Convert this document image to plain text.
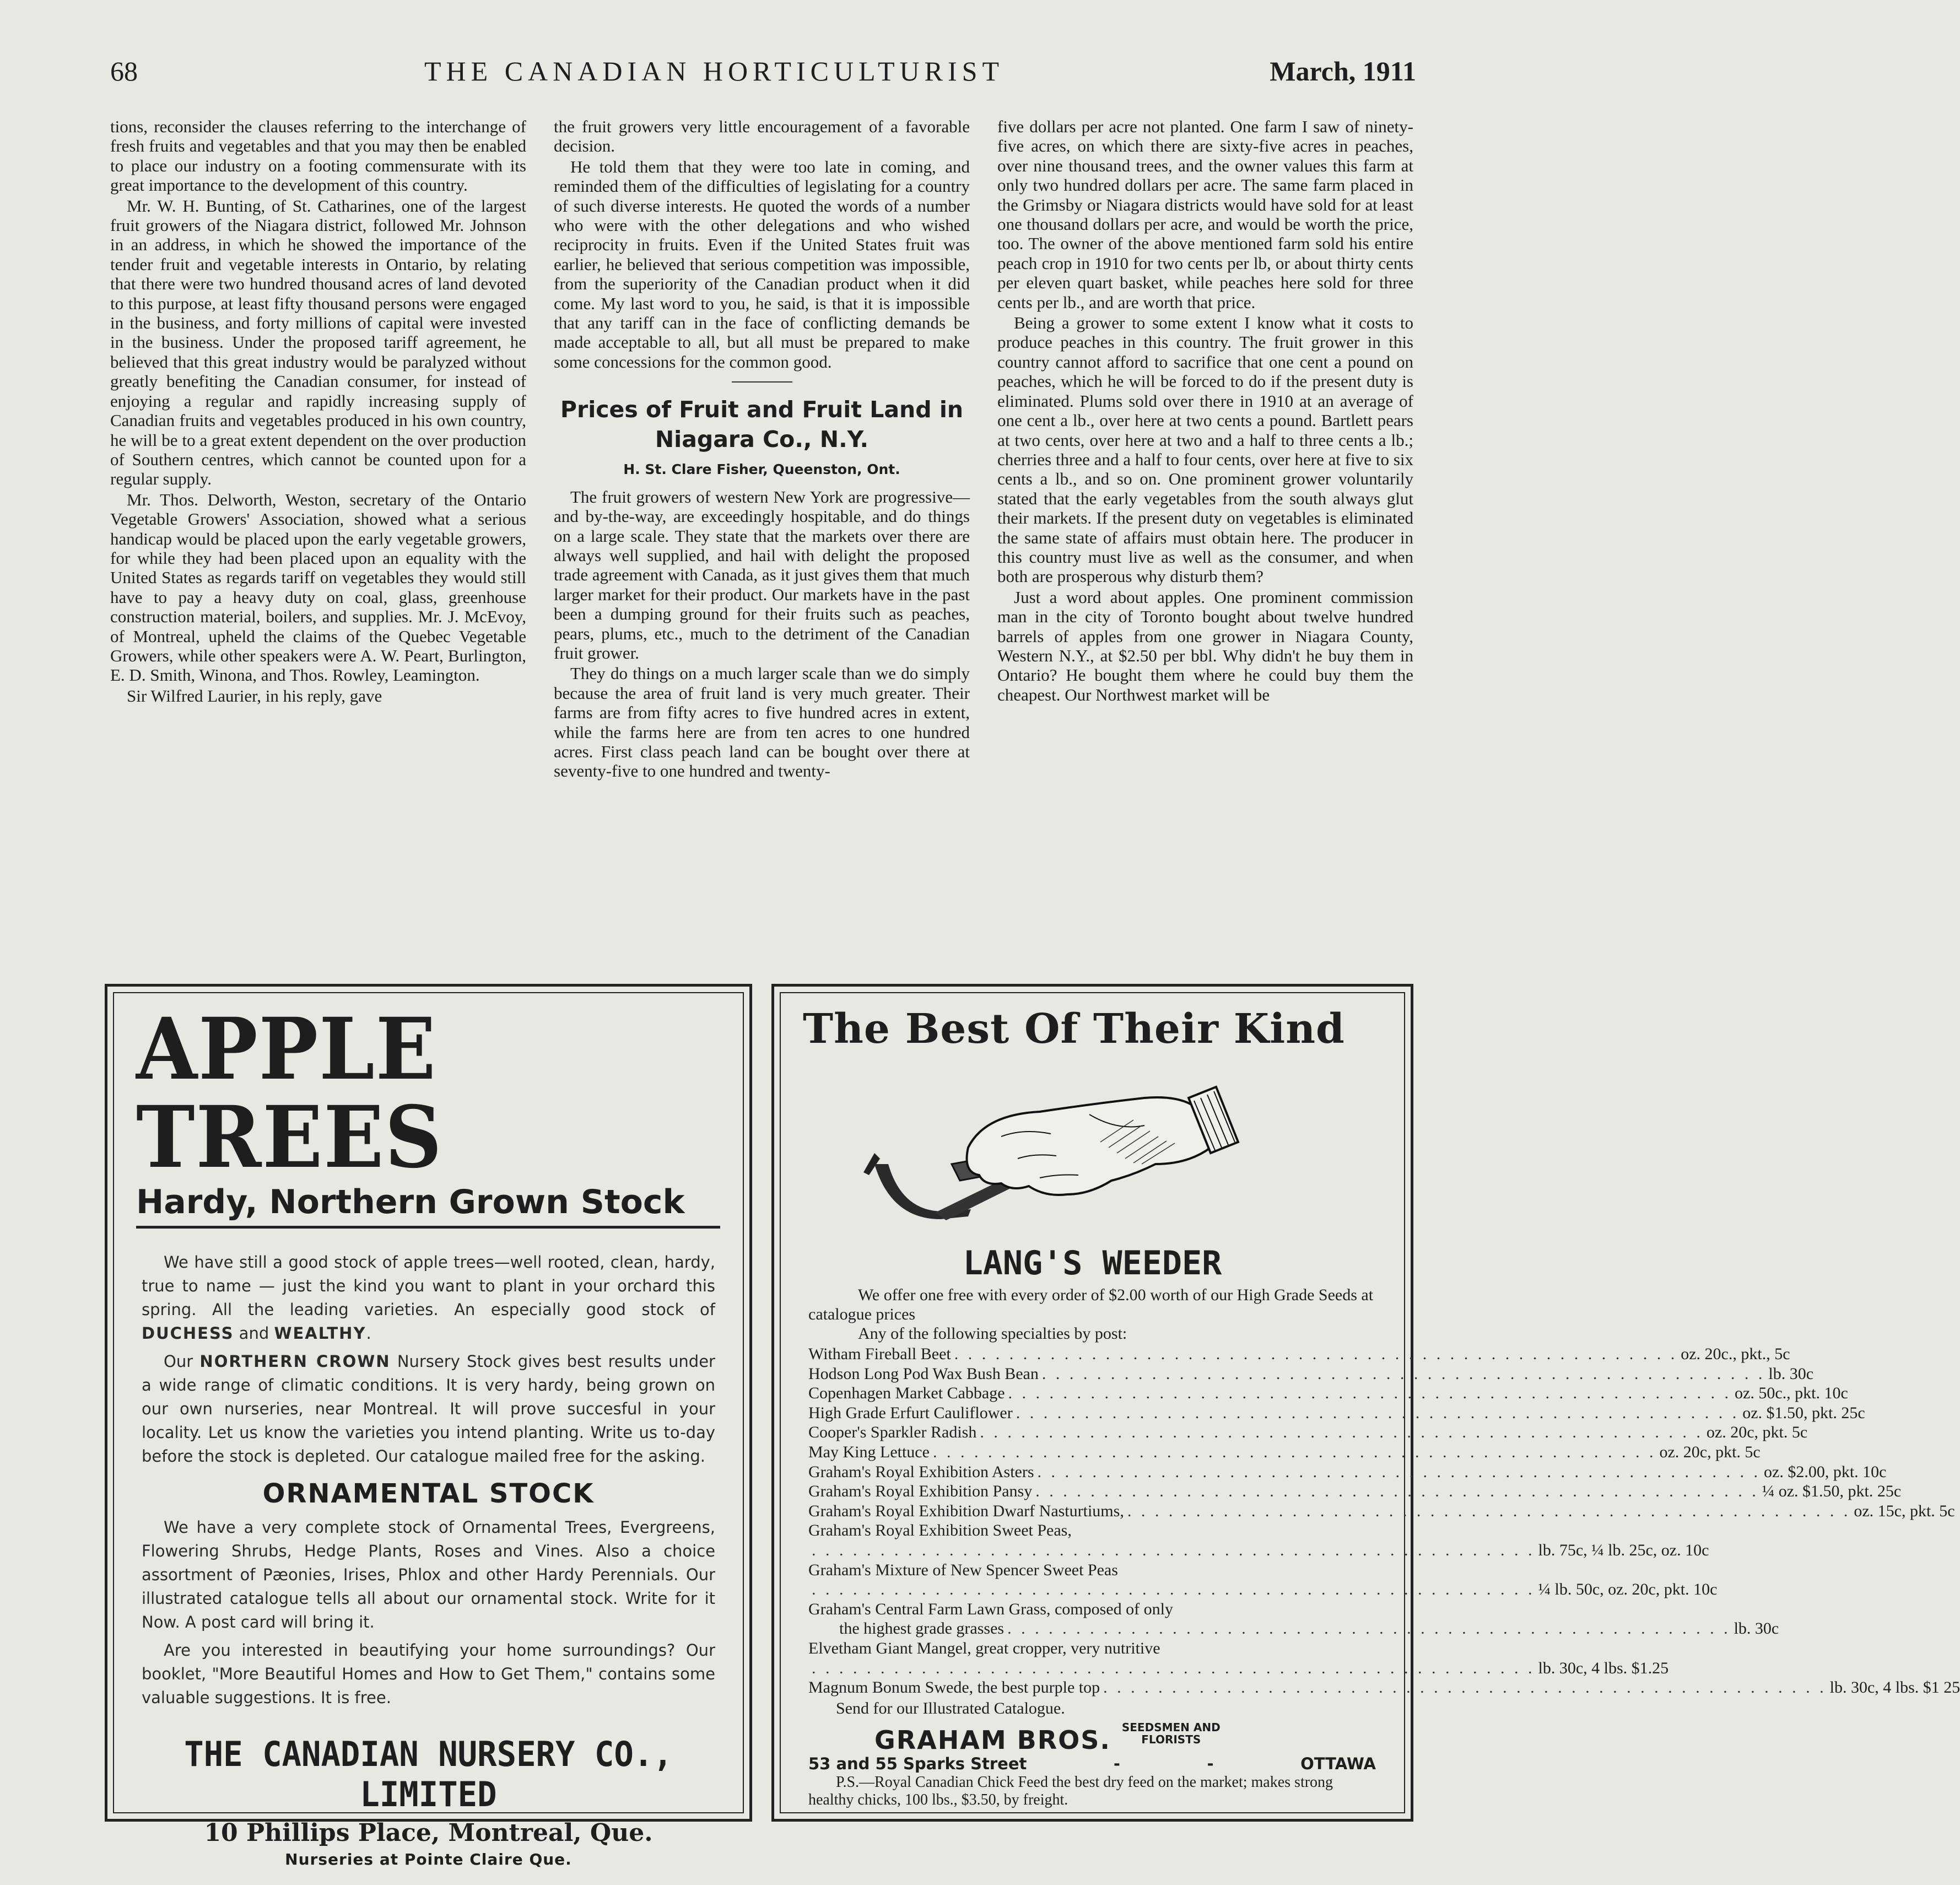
68	THE CANADIAN HORTICULTURIST	March, 1911

tions, reconsider the clauses referring to the interchange of fresh fruits and vegetables and that you may then be enabled to place our industry on a footing commensurate with its great importance to the development of this country.

Mr. W. H. Bunting, of St. Catharines, one of the largest fruit growers of the Niagara district, followed Mr. Johnson in an address, in which he showed the importance of the tender fruit and vegetable interests in Ontario, by relating that there were two hundred thousand acres of land devoted to this purpose, at least fifty thousand persons were engaged in the business, and forty millions of capital were invested in the business. Under the proposed tariff agreement, he believed that this great industry would be paralyzed without greatly benefiting the Canadian consumer, for instead of enjoying a regular and rapidly increasing supply of Canadian fruits and vegetables produced in his own country, he will be to a great extent dependent on the over production of Southern centres, which cannot be counted upon for a regular supply.

Mr. Thos. Delworth, Weston, secretary of the Ontario Vegetable Growers' Association, showed what a serious handicap would be placed upon the early vegetable growers, for while they had been placed upon an equality with the United States as regards tariff on vegetables they would still have to pay a heavy duty on coal, glass, greenhouse construction material, boilers, and supplies. Mr. J. McEvoy, of Montreal, upheld the claims of the Quebec Vegetable Growers, while other speakers were A. W. Peart, Burlington, E. D. Smith, Winona, and Thos. Rowley, Leamington.

Sir Wilfred Laurier, in his reply, gave

the fruit growers very little encouragement of a favorable decision.

He told them that they were too late in coming, and reminded them of the difficulties of legislating for a country of such diverse interests. He quoted the words of a number who were with the other delegations and who wished reciprocity in fruits. Even if the United States fruit was earlier, he believed that serious competition was impossible, from the superiority of the Canadian product when it did come. My last word to you, he said, is that it is impossible that any tariff can in the face of conflicting demands be made acceptable to all, but all must be prepared to make some concessions for the common good.

Prices of Fruit and Fruit Land in Niagara Co., N.Y.
H. St. Clare Fisher, Queenston, Ont.

The fruit growers of western New York are progressive—and by-the-way, are exceedingly hospitable, and do things on a large scale. They state that the markets over there are always well supplied, and hail with delight the proposed trade agreement with Canada, as it just gives them that much larger market for their product. Our markets have in the past been a dumping ground for their fruits such as peaches, pears, plums, etc., much to the detriment of the Canadian fruit grower.

They do things on a much larger scale than we do simply because the area of fruit land is very much greater. Their farms are from fifty acres to five hundred acres in extent, while the farms here are from ten acres to one hundred acres. First class peach land can be bought over there at seventy-five to one hundred and twenty-

five dollars per acre not planted. One farm I saw of ninety-five acres, on which there are sixty-five acres in peaches, over nine thousand trees, and the owner values this farm at only two hundred dollars per acre. The same farm placed in the Grimsby or Niagara districts would have sold for at least one thousand dollars per acre, and would be worth the price, too. The owner of the above mentioned farm sold his entire peach crop in 1910 for two cents per lb, or about thirty cents per eleven quart basket, while peaches here sold for three cents per lb., and are worth that price.

Being a grower to some extent I know what it costs to produce peaches in this country. The fruit grower in this country cannot afford to sacrifice that one cent a pound on peaches, which he will be forced to do if the present duty is eliminated. Plums sold over there in 1910 at an average of one cent a lb., over here at two cents a pound. Bartlett pears at two cents, over here at two and a half to three cents a lb.; cherries three and a half to four cents, over here at five to six cents a lb., and so on. One prominent grower voluntarily stated that the early vegetables from the south always glut their markets. If the present duty on vegetables is eliminated the same state of affairs must obtain here. The producer in this country must live as well as the consumer, and when both are prosperous why disturb them?

Just a word about apples. One prominent commission man in the city of Toronto bought about twelve hundred barrels of apples from one grower in Niagara County, Western N.Y., at $2.50 per bbl. Why didn't he buy them in Ontario? He bought them where he could buy them the cheapest. Our Northwest market will be

APPLE TREES
Hardy, Northern Grown Stock

We have still a good stock of apple trees—well rooted, clean, hardy, true to name — just the kind you want to plant in your orchard this spring. All the leading varieties. An especially good stock of DUCHESS and WEALTHY.

Our NORTHERN CROWN Nursery Stock gives best results under a wide range of climatic conditions. It is very hardy, being grown on our own nurseries, near Montreal. It will prove succesful in your locality. Let us know the varieties you intend planting. Write us to-day before the stock is depleted. Our catalogue mailed free for the asking.

ORNAMENTAL STOCK

We have a very complete stock of Ornamental Trees, Evergreens, Flowering Shrubs, Hedge Plants, Roses and Vines. Also a choice assortment of Pæonies, Irises, Phlox and other Hardy Perennials. Our illustrated catalogue tells all about our ornamental stock. Write for it Now. A post card will bring it.

Are you interested in beautifying your home surroundings? Our booklet, "More Beautiful Homes and How to Get Them," contains some valuable suggestions. It is free.

THE CANADIAN NURSERY CO., LIMITED
10 Phillips Place, Montreal, Que.
Nurseries at Pointe Claire Que.
The Best Of Their Kind
LANG'S WEEDER

We offer one free with every order of $2.00 worth of our High Grade Seeds at catalogue prices

Any of the following specialties by post:

Witham Fireball Beet . . . . . . . . . . . . . . . . . . . . . . . . . . . . . . . . . . . . . . . . . . . . . . . . . . . . . oz. 20c., pkt., 5c
Hodson Long Pod Wax Bush Bean . . . . . . . . . . . . . . . . . . . . . . . . . . . . . . . . . . . . . . . . . . . . . . . . . . . . . lb. 30c
Copenhagen Market Cabbage . . . . . . . . . . . . . . . . . . . . . . . . . . . . . . . . . . . . . . . . . . . . . . . . . . . . . oz. 50c., pkt. 10c
High Grade Erfurt Cauliflower . . . . . . . . . . . . . . . . . . . . . . . . . . . . . . . . . . . . . . . . . . . . . . . . . . . . . oz. $1.50, pkt. 25c
Cooper's Sparkler Radish . . . . . . . . . . . . . . . . . . . . . . . . . . . . . . . . . . . . . . . . . . . . . . . . . . . . . oz. 20c, pkt. 5c
May King Lettuce . . . . . . . . . . . . . . . . . . . . . . . . . . . . . . . . . . . . . . . . . . . . . . . . . . . . . oz. 20c, pkt. 5c
Graham's Royal Exhibition Asters . . . . . . . . . . . . . . . . . . . . . . . . . . . . . . . . . . . . . . . . . . . . . . . . . . . . . oz. $2.00, pkt. 10c
Graham's Royal Exhibition Pansy . . . . . . . . . . . . . . . . . . . . . . . . . . . . . . . . . . . . . . . . . . . . . . . . . . . . . ¼ oz. $1.50, pkt. 25c
Graham's Royal Exhibition Dwarf Nasturtiums, . . . . . . . . . . . . . . . . . . . . . . . . . . . . . . . . . . . . . . . . . . . . . . . . . . . . . oz. 15c, pkt. 5c
Graham's Royal Exhibition Sweet Peas,
. . . . . . . . . . . . . . . . . . . . . . . . . . . . . . . . . . . . . . . . . . . . . . . . . . . . . lb. 75c, ¼ lb. 25c, oz. 10c
Graham's Mixture of New Spencer Sweet Peas
. . . . . . . . . . . . . . . . . . . . . . . . . . . . . . . . . . . . . . . . . . . . . . . . . . . . . ¼ lb. 50c, oz. 20c, pkt. 10c
Graham's Central Farm Lawn Grass, composed of only
the highest grade grasses . . . . . . . . . . . . . . . . . . . . . . . . . . . . . . . . . . . . . . . . . . . . . . . . . . . . . lb. 30c
Elvetham Giant Mangel, great cropper, very nutritive
. . . . . . . . . . . . . . . . . . . . . . . . . . . . . . . . . . . . . . . . . . . . . . . . . . . . . lb. 30c, 4 lbs. $1.25
Magnum Bonum Swede, the best purple top . . . . . . . . . . . . . . . . . . . . . . . . . . . . . . . . . . . . . . . . . . . . . . . . . . . . . lb. 30c, 4 lbs. $1 25

Send for our Illustrated Catalogue.

GRAHAM BROS. SEEDSMEN AND
FLORISTS
53 and 55 Sparks Street	-	-	OTTAWA

P.S.—Royal Canadian Chick Feed the best dry feed on the market; makes strong healthy chicks, 100 lbs., $3.50, by freight.
